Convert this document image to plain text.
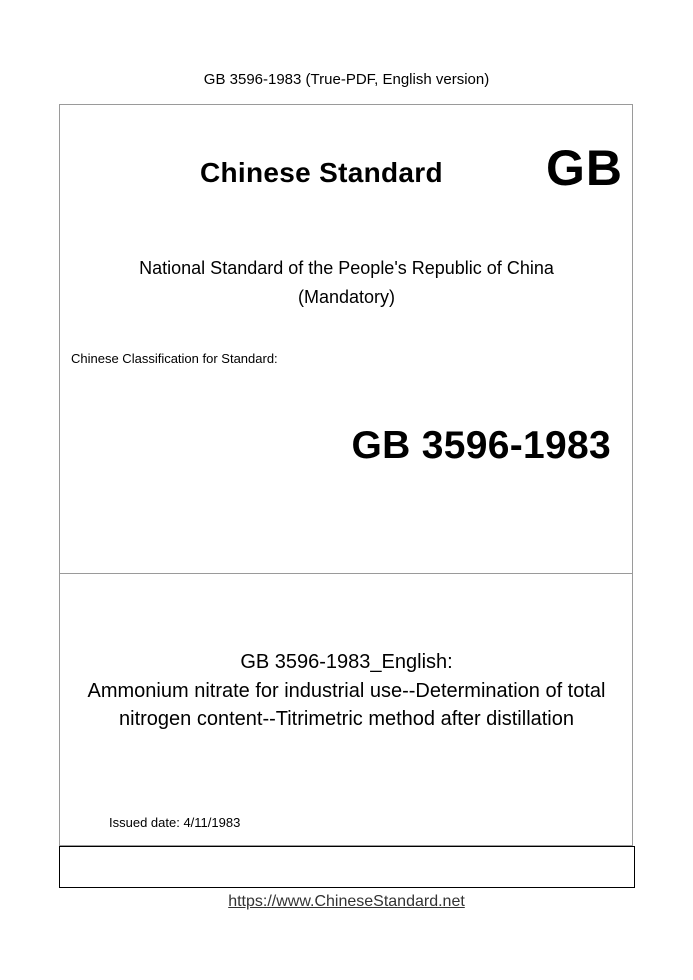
GB 3596-1983 (True-PDF, English version)
Chinese Standard GB
National Standard of the People's Republic of China
(Mandatory)
Chinese Classification for Standard:
GB 3596-1983
GB 3596-1983_English:
Ammonium nitrate for industrial use--Determination of total
nitrogen content--Titrimetric method after distillation
Issued date: 4/11/1983
https://www.ChineseStandard.net
